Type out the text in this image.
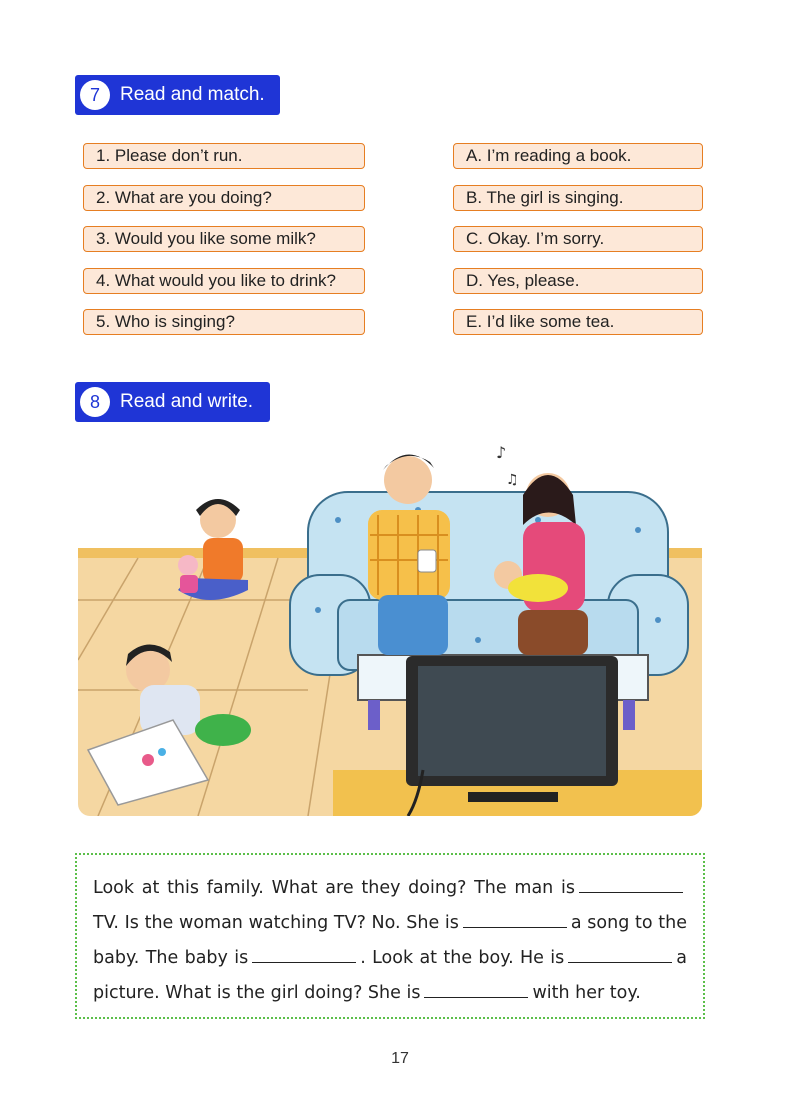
7	Read and match.
1. Please don’t run.
2. What are you doing?
3. Would you like some milk?
4. What would you like to drink?
5. Who is singing?
A. I’m reading a book.
B. The girl is singing.
C. Okay. I’m sorry.
D. Yes, please.
E. I’d like some tea.
8	Read and write.
♪
♫
Look at this family. What are they doing? The man isTV. Is the woman watching TV? No. She is	a song to the baby. The baby is	. Look at the boy. He is	a picture. What is the girl doing? She is	with her toy.
17
